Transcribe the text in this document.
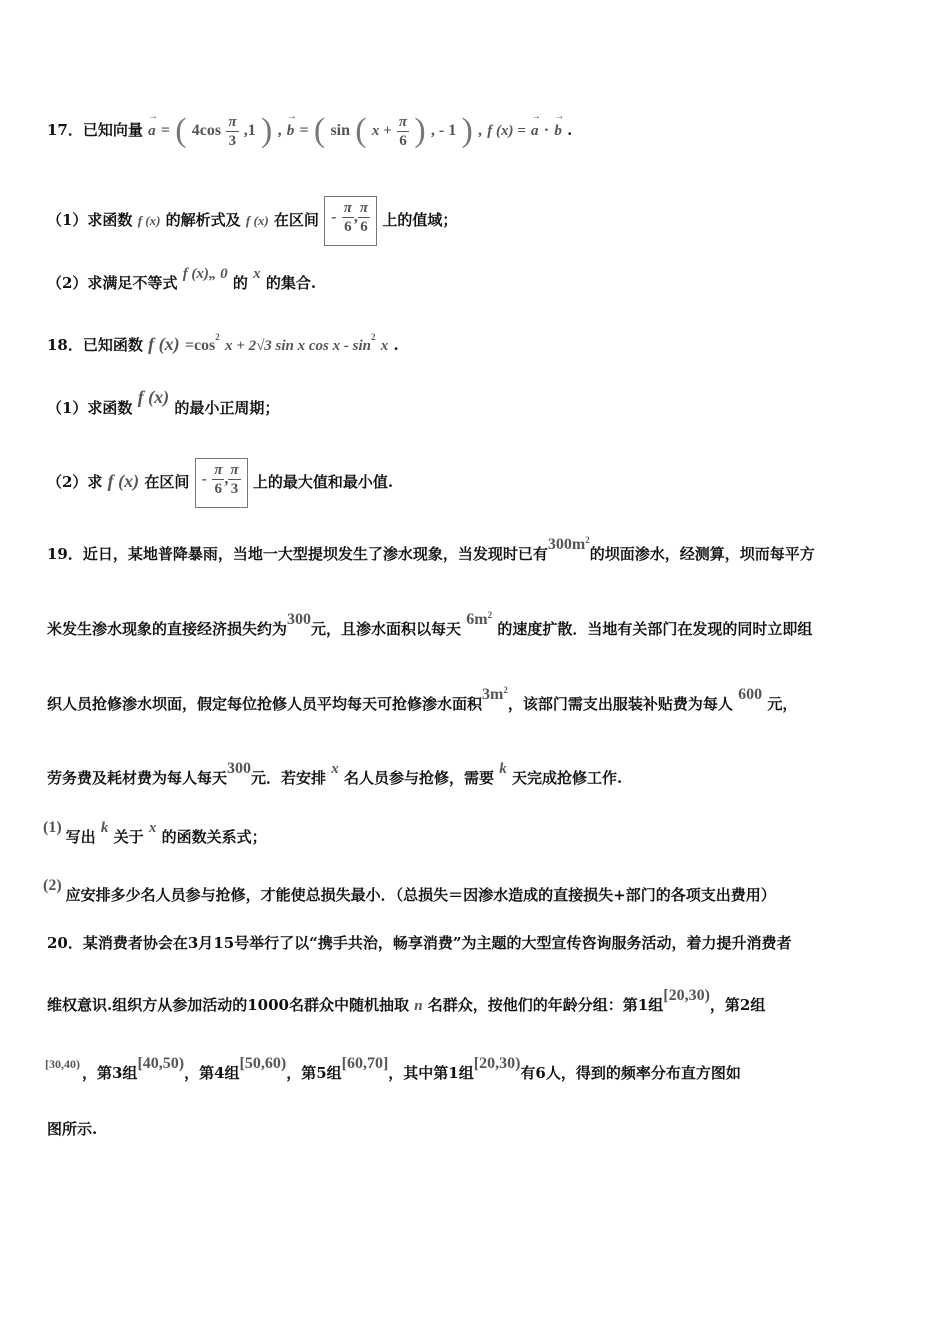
17．已知向量 → a = ( $4\cos \frac{\pi}{3} ,1$ ) , → b = ( sin ( $x + \frac{\pi}{6}$ ) , - 1 ) , f (x) = → a · → b .
（1）求函数 f (x) 的解析式及 f (x) 在区间 - $\frac{\pi}{6}$ , $\frac{\pi}{6}$ 上的值域；
（2）求满足不等式 f (x)„ 0 的 x 的集合.
18．已知函数 f $(x) =\cos^2$ x + 2√3 sin x cos x - $\sin^2 x$ .
（1）求函数 f (x) 的最小正周期；
（2）求 f (x) 在区间 - $\frac{\pi}{6}$ , $\frac{\pi}{3}$ 上的最大值和最小值.
19．近日，某地普降暴雨，当地一大型提坝发生了渗水现象，当发现时已有$300m^2$的坝面渗水，经测算，坝而每平方
米发生渗水现象的直接经济损失约为300元，且渗水面积以每天 $6m^2$ 的速度扩散．当地有关部门在发现的同时立即组
织人员抢修渗水坝面，假定每位抢修人员平均每天可抢修渗水面积$3m^2$，该部门需支出服装补贴费为每人 600 元，
劳务费及耗材费为每人每天300元．若安排 x 名人员参与抢修，需要 k 天完成抢修工作.
(1)写出 k 关于 x 的函数关系式；
(2)应安排多少名人员参与抢修，才能使总损失最小．（总损失＝因渗水造成的直接损失+部门的各项支出费用）
20．某消费者协会在3月15号举行了以“携手共治，畅享消费”为主题的大型宣传咨询服务活动，着力提升消费者
维权意识.组织方从参加活动的1000名群众中随机抽取 n 名群众，按他们的年龄分组：第1组[20,30)，第2组
$^{[30,40)}$ ，第3组[40,50)，第4组[50,60)，第5组[60,70]，其中第1组[20,30)有6人，得到的频率分布直方图如
图所示.
